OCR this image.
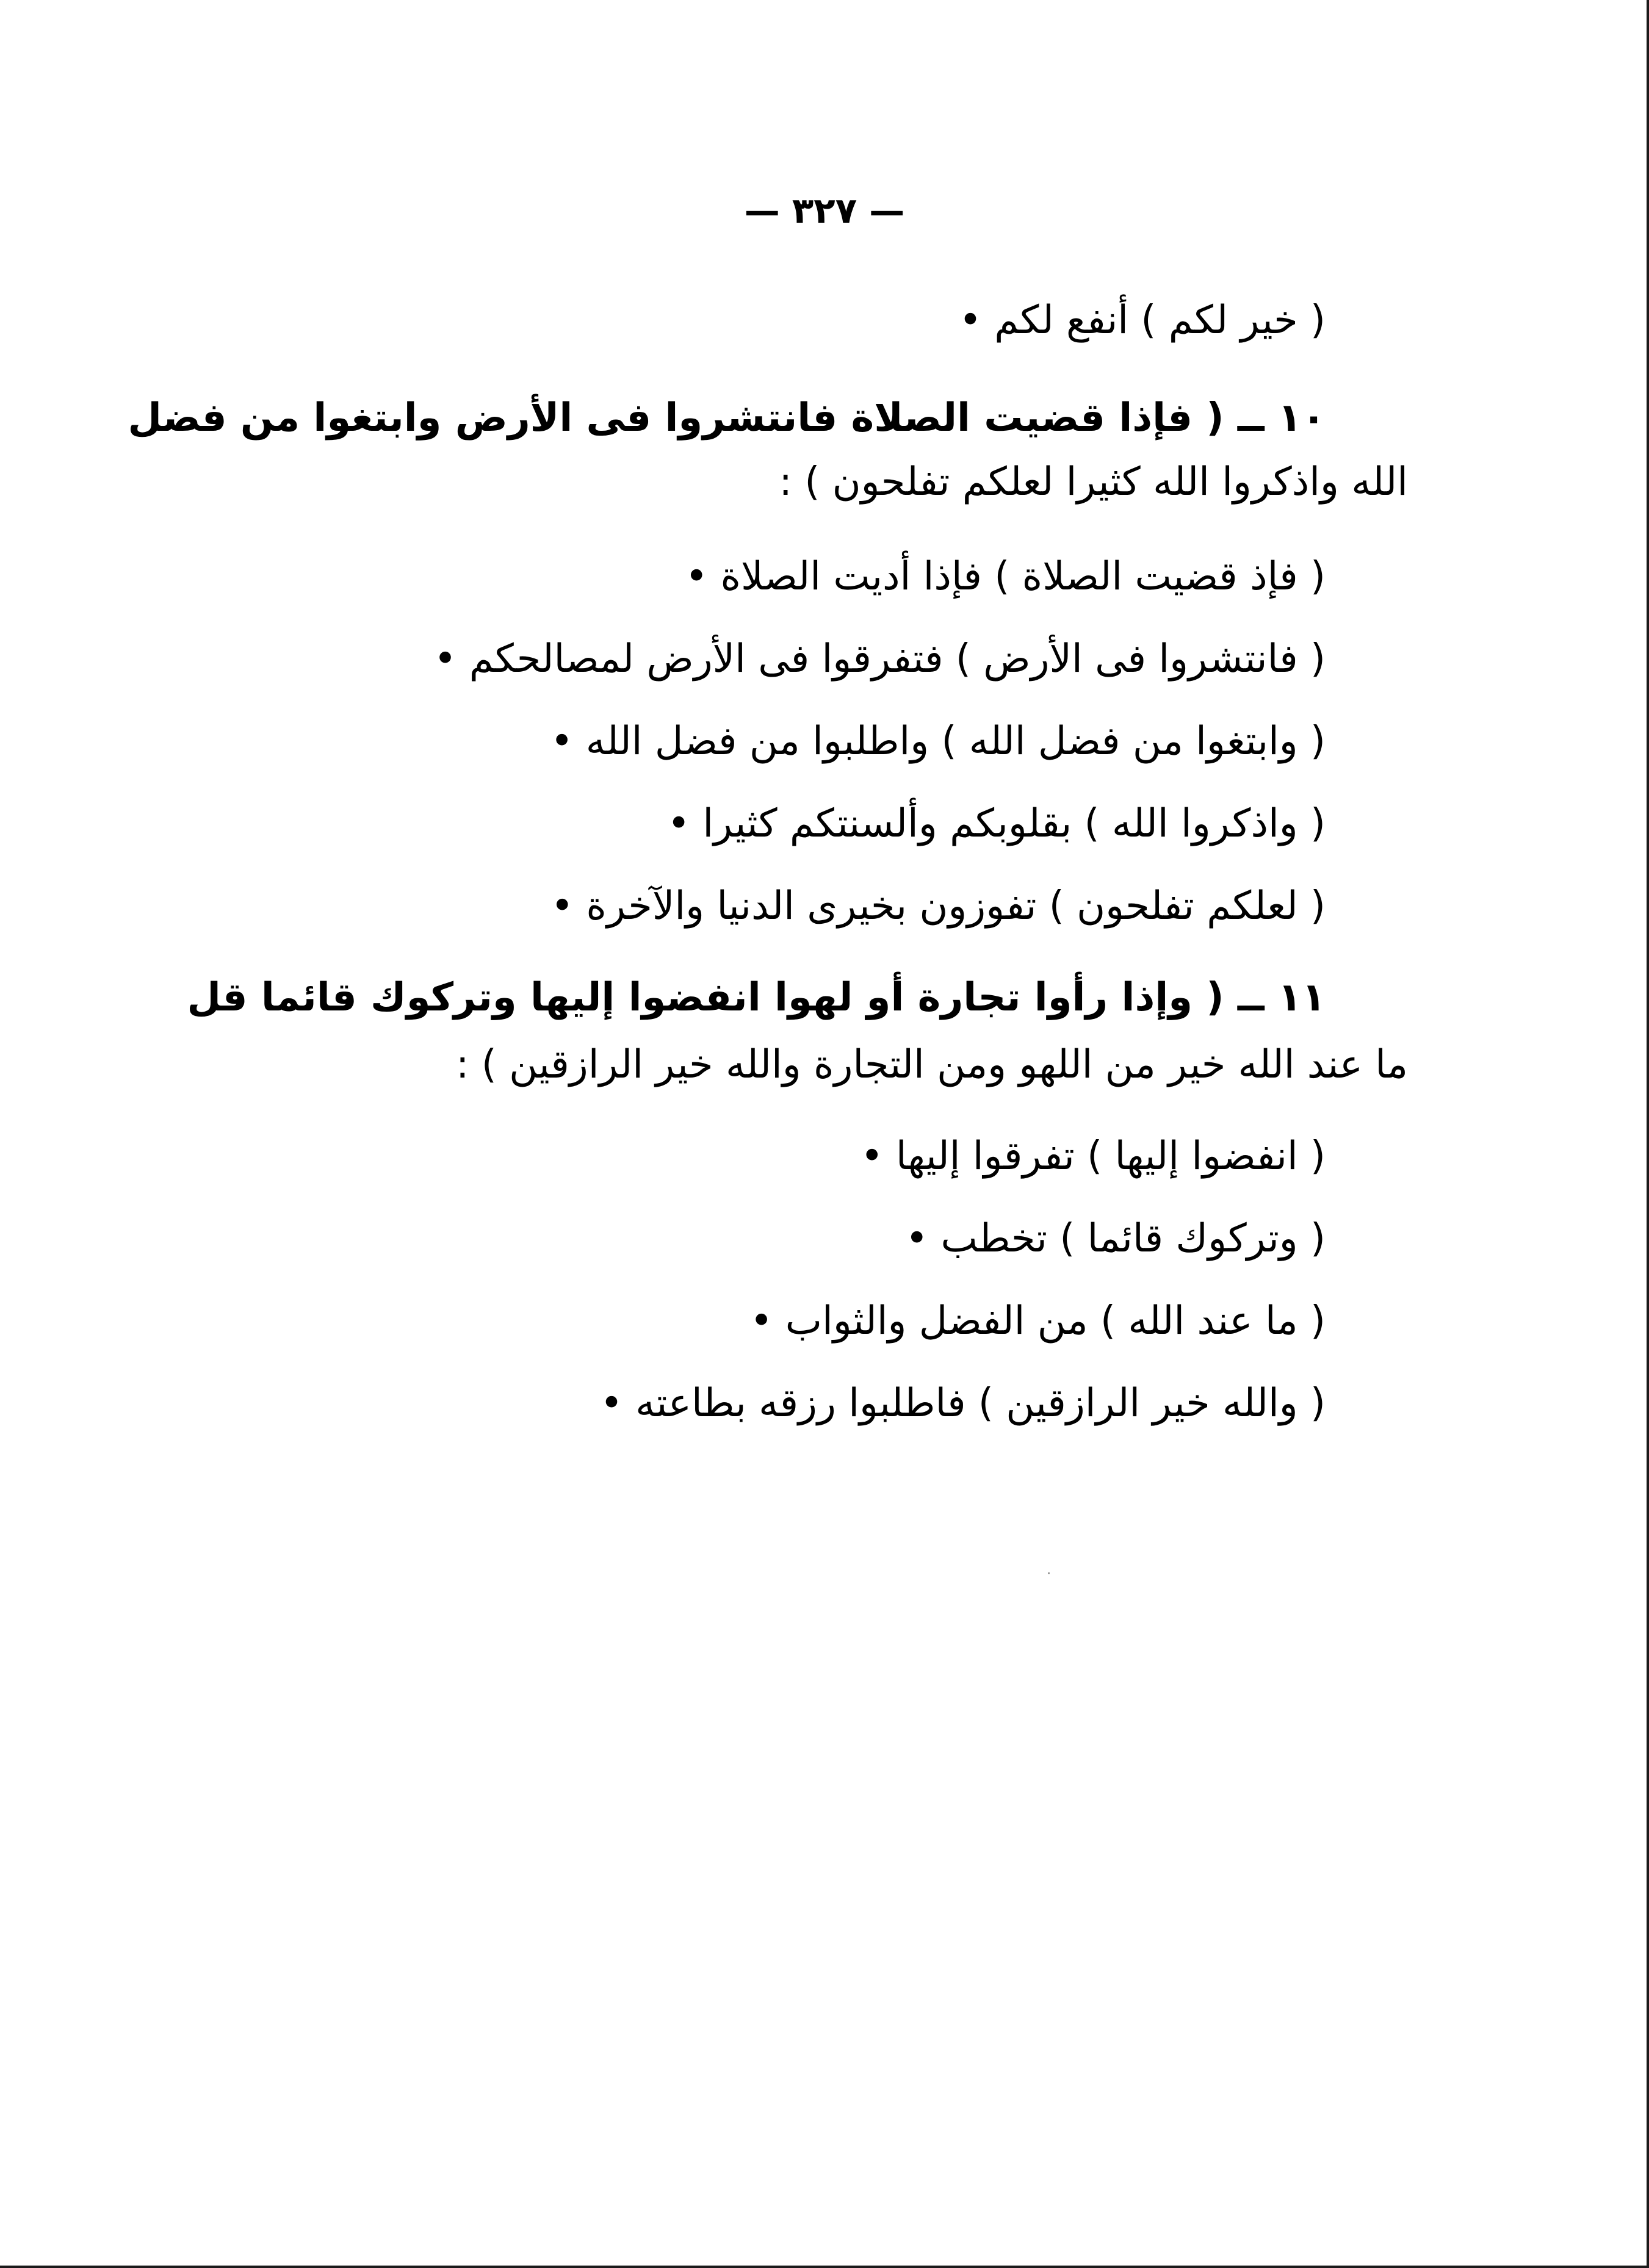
— ٣٢٧ —
( خير لكم ) أنفع لكم •
١٠ ــ ( فإذا قضيت الصلاة فانتشروا فى الأرض وابتغوا من فضل
الله واذكروا الله كثيرا لعلكم تفلحون ) :
( فإذ قضيت الصلاة ) فإذا أديت الصلاة •
( فانتشروا فى الأرض ) فتفرقوا فى الأرض لمصالحكم •
( وابتغوا من فضل الله ) واطلبوا من فضل الله •
( واذكروا الله ) بقلوبكم وألسنتكم كثيرا •
( لعلكم تفلحون ) تفوزون بخيرى الدنيا والآخرة •
١١ ــ ( وإذا رأوا تجارة أو لهوا انفضوا إليها وتركوك قائما قل
ما عند الله خير من اللهو ومن التجارة والله خير الرازقين ) :
( انفضوا إليها ) تفرقوا إليها •
( وتركوك قائما ) تخطب •
( ما عند الله ) من الفضل والثواب •
( والله خير الرازقين ) فاطلبوا رزقه بطاعته •
